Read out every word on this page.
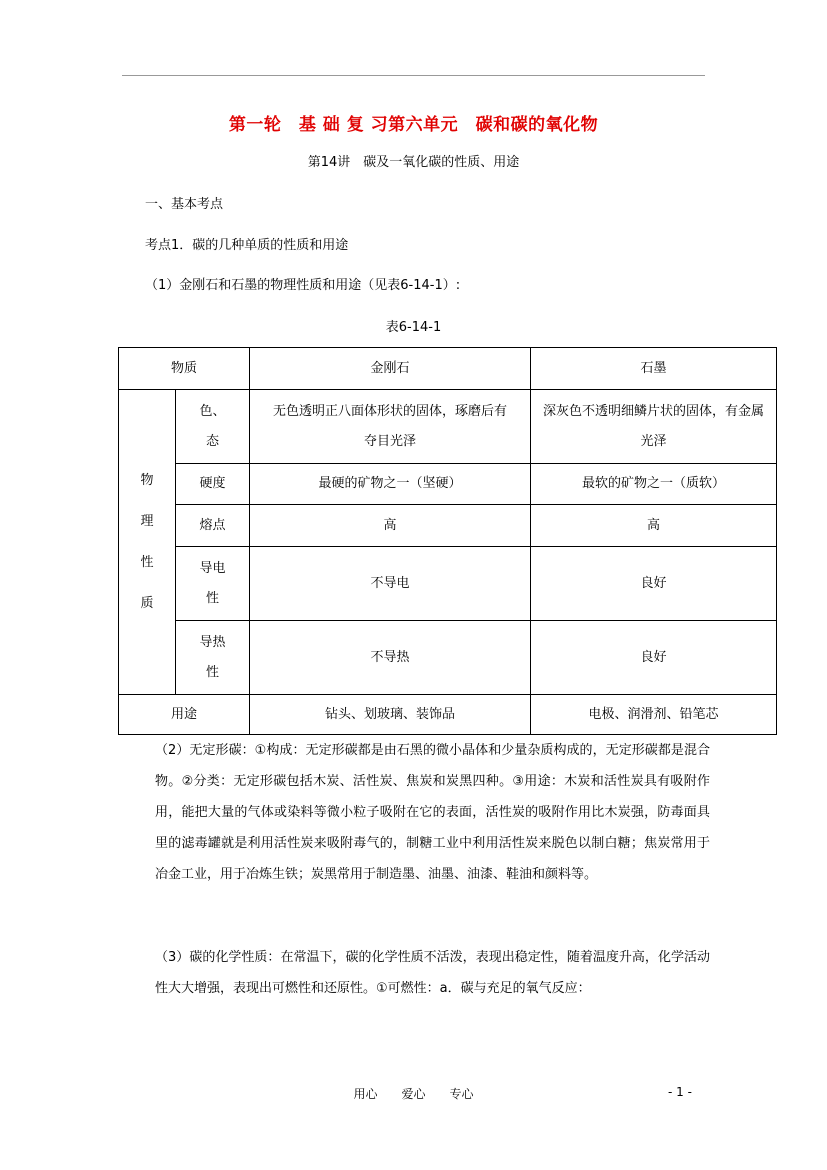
第一轮　基 础 复 习第六单元　碳和碳的氧化物
第14讲　碳及一氧化碳的性质、用途
一、基本考点
考点1．碳的几种单质的性质和用途
（1）金刚石和石墨的物理性质和用途（见表6-14-1）:
表6-14-1
物质		金刚石	石墨
物理性质	色、态	无色透明正八面体形状的固体，琢磨后有夺目光泽	深灰色不透明细鳞片状的固体，有金属光泽
	硬度	最硬的矿物之一（坚硬）	最软的矿物之一（质软）
	熔点	高	高
	导电性	不导电	良好
	导热性	不导热	良好
用途		钻头、划玻璃、装饰品	电极、润滑剂、铅笔芯
（2）无定形碳：①构成：无定形碳都是由石黑的微小晶体和少量杂质构成的，无定形碳都是混合物。②分类：无定形碳包括木炭、活性炭、焦炭和炭黑四种。③用途：木炭和活性炭具有吸附作用，能把大量的气体或染料等微小粒子吸附在它的表面，活性炭的吸附作用比木炭强，防毒面具里的滤毒罐就是利用活性炭来吸附毒气的，制糖工业中利用活性炭来脱色以制白糖；焦炭常用于冶金工业，用于冶炼生铁；炭黑常用于制造墨、油墨、油漆、鞋油和颜料等。
（3）碳的化学性质：在常温下，碳的化学性质不活泼，表现出稳定性，随着温度升高，化学活动性大大增强，表现出可燃性和还原性。①可燃性：a．碳与充足的氧气反应：
用心　　爱心　　专心	- 1 -
